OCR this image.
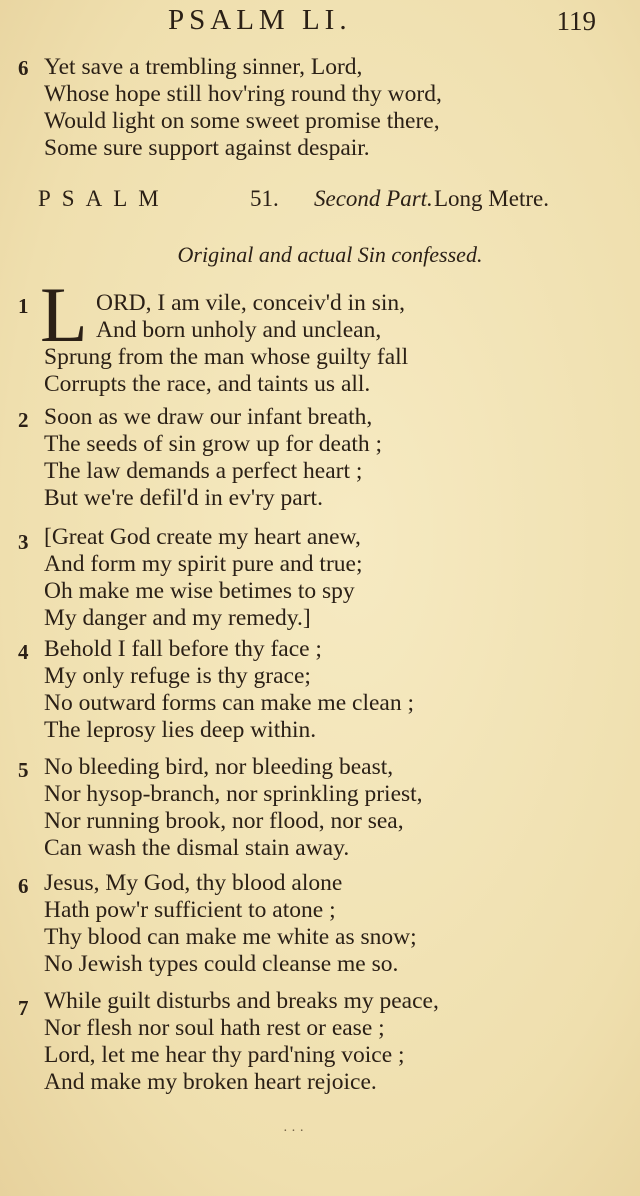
PSALM LI.	119
6 Yet save a trembling sinner, Lord,
Whose hope still hov'ring round thy word,
Would light on some sweet promise there,
Some sure support against despair.
PSALM	51. Second Part. Long Metre.
Original and actual Sin confessed.
L
1	ORD, I am vile, conceiv'd in sin,
And born unholy and unclean,
Sprung from the man whose guilty fall
Corrupts the race, and taints us all.
2 Soon as we draw our infant breath,
The seeds of sin grow up for death ;
The law demands a perfect heart ;
But we're defil'd in ev'ry part.
3 [Great God create my heart anew,
And form my spirit pure and true;
Oh make me wise betimes to spy
My danger and my remedy.]
4 Behold I fall before thy face ;
My only refuge is thy grace;
No outward forms can make me clean ;
The leprosy lies deep within.
5 No bleeding bird, nor bleeding beast,
Nor hysop-branch, nor sprinkling priest,
Nor running brook, nor flood, nor sea,
Can wash the dismal stain away.
6 Jesus, My God, thy blood alone
Hath pow'r sufficient to atone ;
Thy blood can make me white as snow;
No Jewish types could cleanse me so.
7 While guilt disturbs and breaks my peace,
Nor flesh nor soul hath rest or ease ;
Lord, let me hear thy pard'ning voice ;
And make my broken heart rejoice.
· · ·
